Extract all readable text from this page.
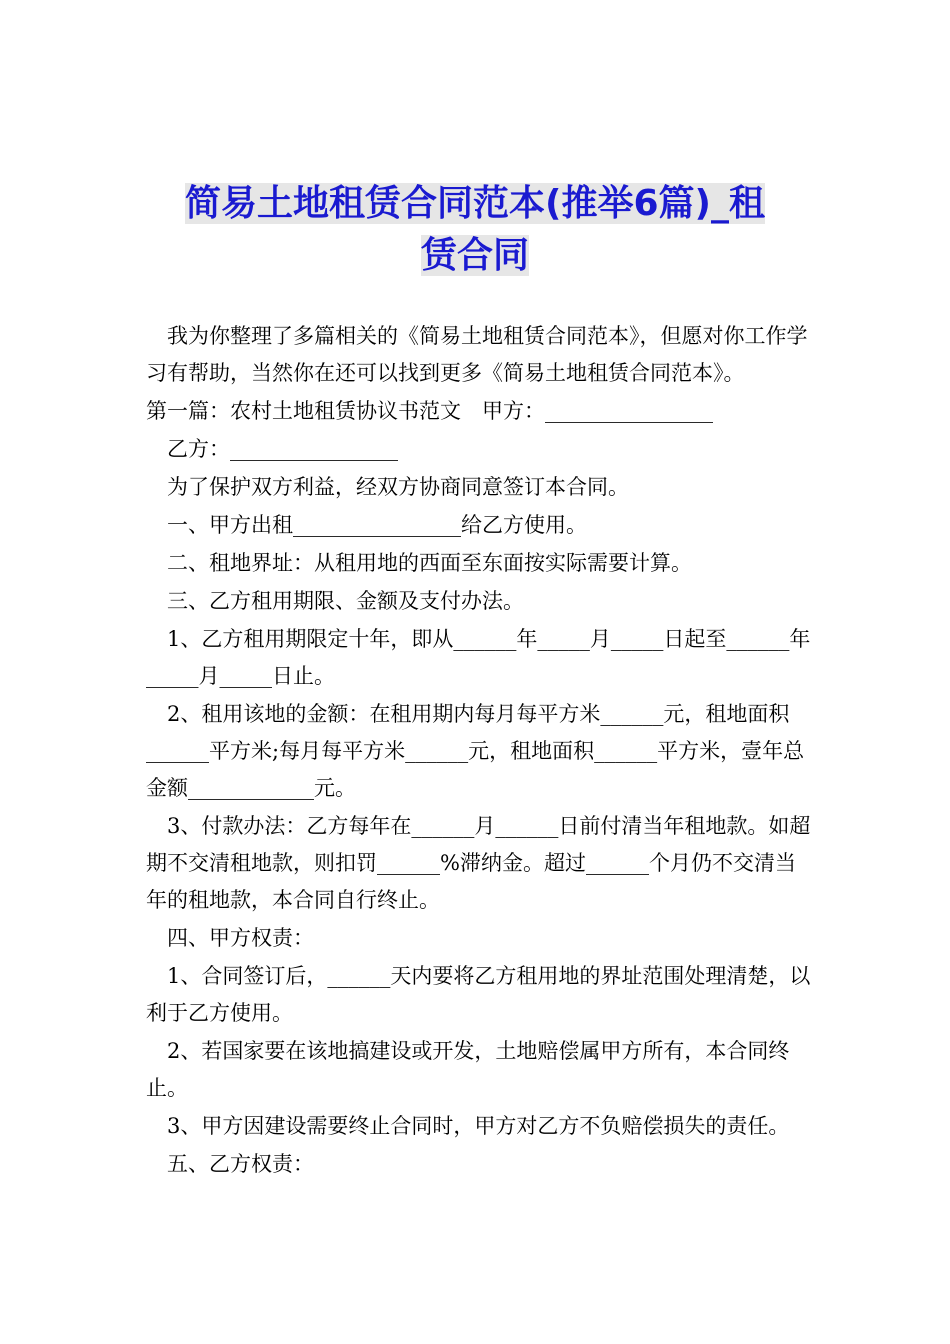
简易土地租赁合同范本(推举6篇)_租
赁合同

　我为你整理了多篇相关的《简易土地租赁合同范本》，但愿对你工作学习有帮助，当然你在还可以找到更多《简易土地租赁合同范本》。

第一篇：农村土地租赁协议书范文　甲方：________________

　乙方：________________

　为了保护双方利益，经双方协商同意签订本合同。

　一、甲方出租________________给乙方使用。

　二、租地界址：从租用地的西面至东面按实际需要计算。

　三、乙方租用期限、金额及支付办法。

　1、乙方租用期限定十年，即从______年_____月_____日起至______年_____月_____日止。

　2、租用该地的金额：在租用期内每月每平方米______元，租地面积______平方米;每月每平方米______元，租地面积______平方米，壹年总金额____________元。

　3、付款办法：乙方每年在______月______日前付清当年租地款。如超期不交清租地款，则扣罚______%滞纳金。超过______个月仍不交清当年的租地款，本合同自行终止。

　四、甲方权责：

　1、合同签订后，______天内要将乙方租用地的界址范围处理清楚，以利于乙方使用。

　2、若国家要在该地搞建设或开发，土地赔偿属甲方所有，本合同终止。

　3、甲方因建设需要终止合同时，甲方对乙方不负赔偿损失的责任。

　五、乙方权责：
